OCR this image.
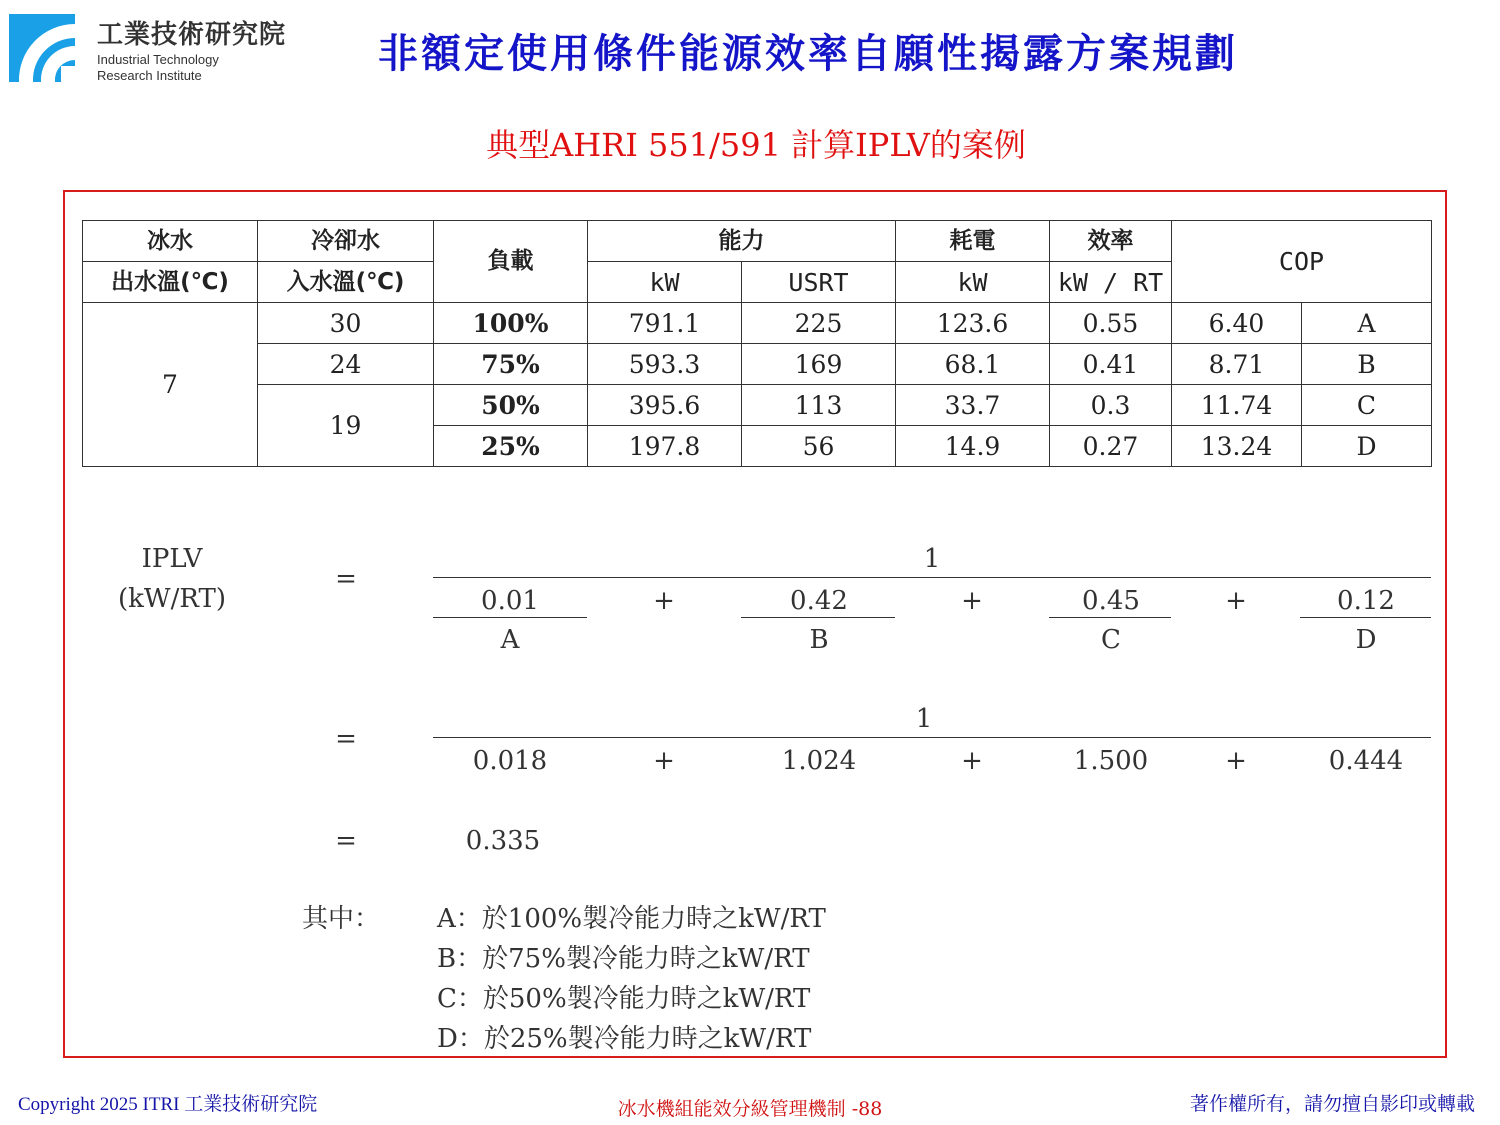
工業技術研究院
Industrial Technology
Research Institute	非額定使用條件能源效率自願性揭露方案規劃
典型AHRI 551/591 計算IPLV的案例
冰水	冷卻水	負載	能力		耗電	效率	COP	
出水溫(℃)	入水溫(℃)		kW	USRT	kW	kW / RT		
7	30	100%	791.1	225	123.6	0.55	6.40	A
	24	75%	593.3	169	68.1	0.41	8.71	B
	19	50%	395.6	113	33.7	0.3	11.74	C
		25%	197.8	56	14.9	0.27	13.24	D
IPLV
(kW/RT)
=
1
0.01
A
+	0.42
B
+	0.45
C
+	0.12
D
=
1
0.018	+	1.024	+	1.500	+	0.444
=	0.335
其中： A：於100%製冷能力時之kW/RT
B：於75%製冷能力時之kW/RT
C：於50%製冷能力時之kW/RT
D：於25%製冷能力時之kW/RT
Copyright 2025 ITRI 工業技術研究院	冰水機組能效分級管理機制 -88	著作權所有，請勿擅自影印或轉載
